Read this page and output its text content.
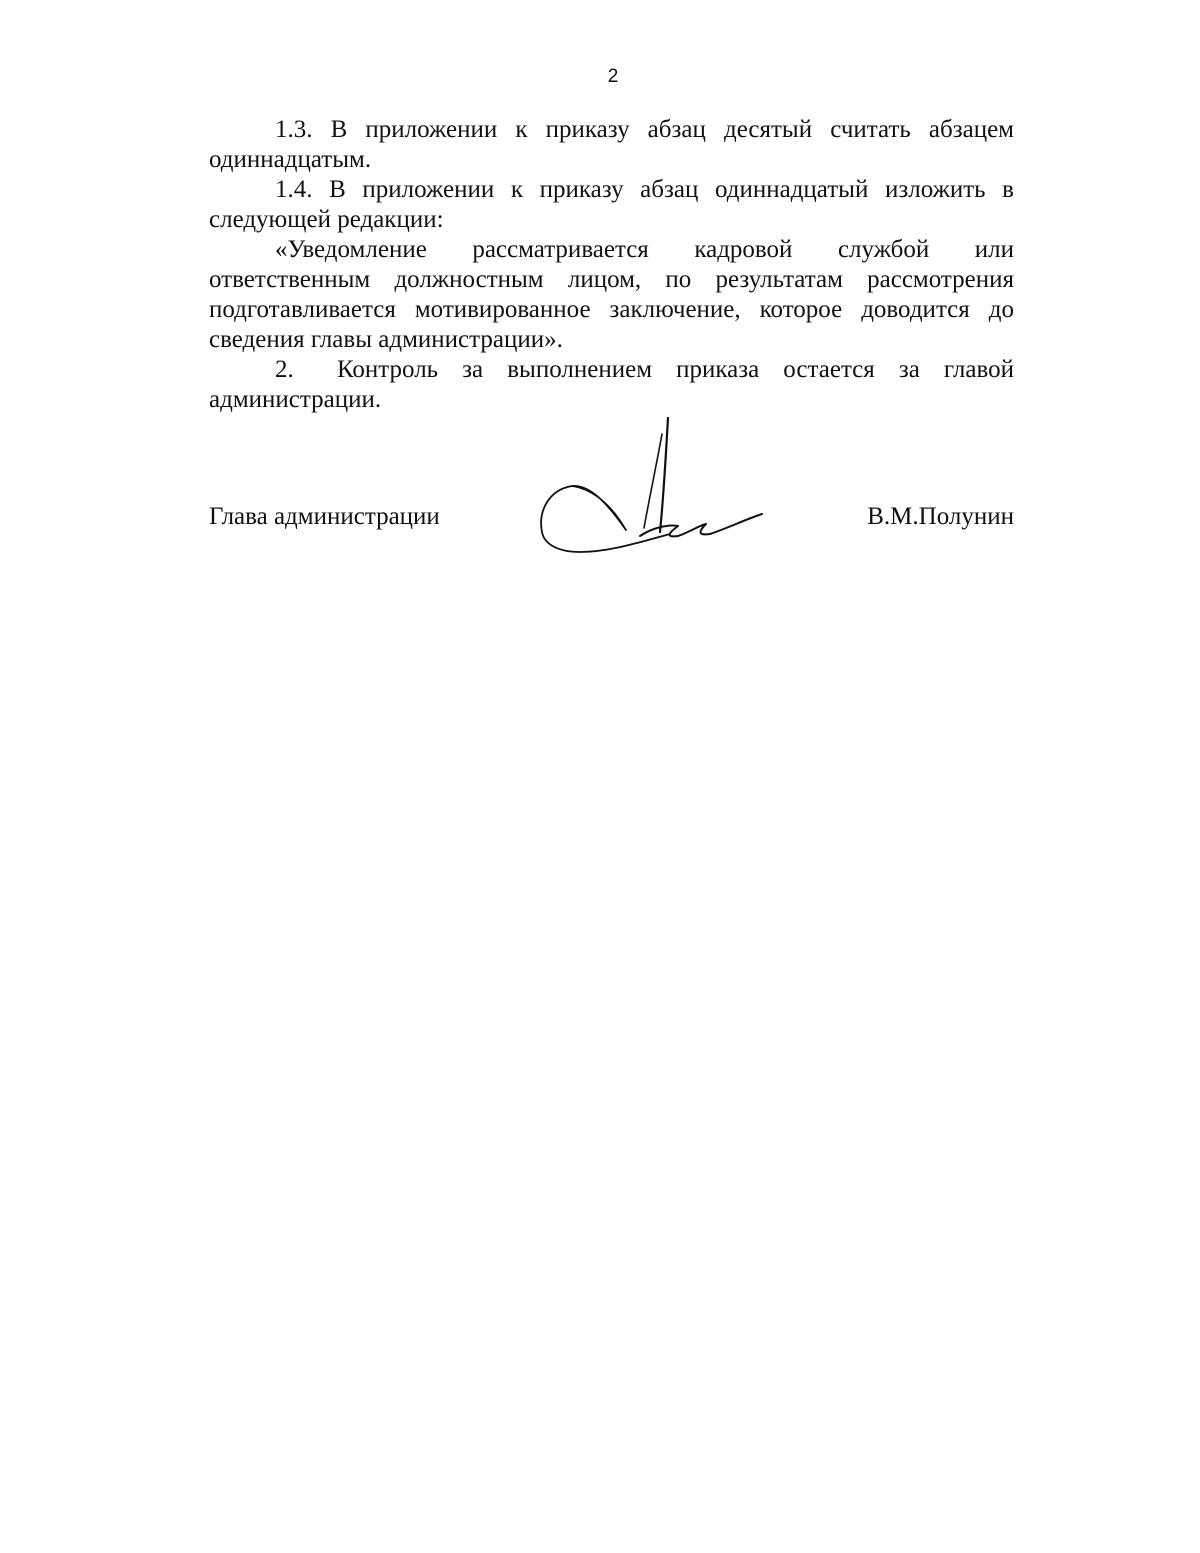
2

1.3. В приложении к приказу абзац десятый считать абзацем одиннадцатым.

1.4. В приложении к приказу абзац одиннадцатый изложить в следующей редакции:

«Уведомление рассматривается кадровой службой или ответственным должностным лицом, по результатам рассмотрения подготавливается мотивированное заключение, которое доводится до сведения главы администрации».

2. Контроль за выполнением приказа остается за главой администрации.

Глава администрации	В.М.Полунин
